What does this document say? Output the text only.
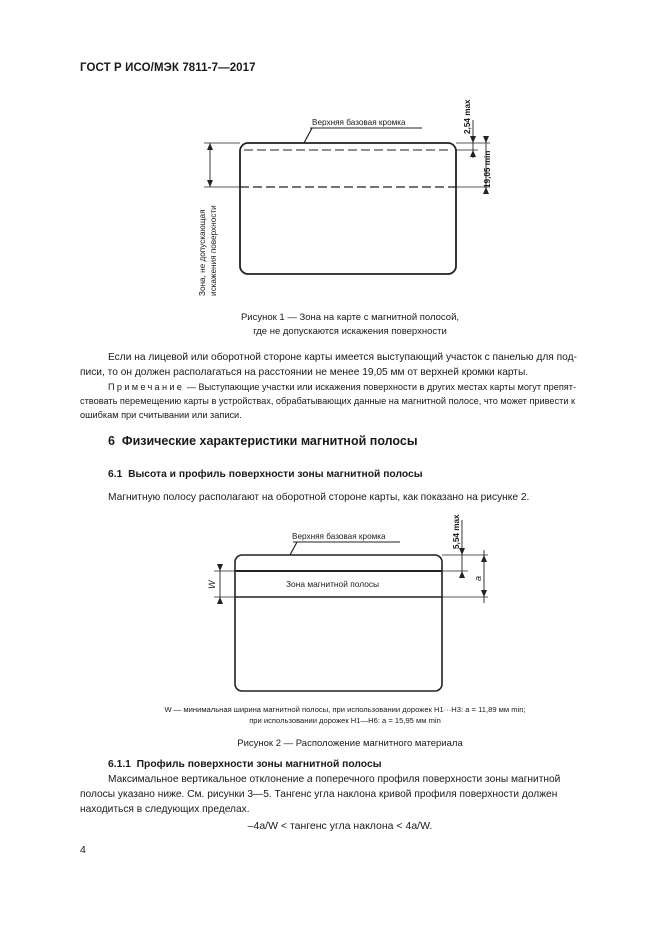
ГОСТ Р ИСО/МЭК 7811-7—2017
Верхняя базовая кромка	2,54 max
19,05 min
Зона, не допускающая искажения поверхности
Рисунок 1 — Зона на карте с магнитной полосой,
где не допускаются искажения поверхности
Если на лицевой или оборотной стороне карты имеется выступающий участок с панелью для под-
писи, то он должен располагаться на расстоянии не менее 19,05 мм от верхней кромки карты.
Примечание — Выступающие участки или искажения поверхности в других местах карты могут препят-
ствовать перемещению карты в устройствах, обрабатывающих данные на магнитной полосе, что может привести к
ошибкам при считывании или записи.
6 Физические характеристики магнитной полосы
6.1 Высота и профиль поверхности зоны магнитной полосы
Магнитную полосу располагают на оборотной стороне карты, как показано на рисунке 2.
Верхняя базовая кромка
Зона магнитной полосы
5,54 max
W
a
W — минимальная ширина магнитной полосы, при использовании дорожек H1···H3: a = 11,89 мм min;
при использовании дорожек H1—H6: a = 15,95 мм min
Рисунок 2 — Расположение магнитного материала
6.1.1 Профиль поверхности зоны магнитной полосы
Максимальное вертикальное отклонение a поперечного профиля поверхности зоны магнитной
полосы указано ниже. См. рисунки 3—5. Тангенс угла наклона кривой профиля поверхности должен
находиться в следующих пределах.
–4a/W < тангенс угла наклона < 4a/W.
4
